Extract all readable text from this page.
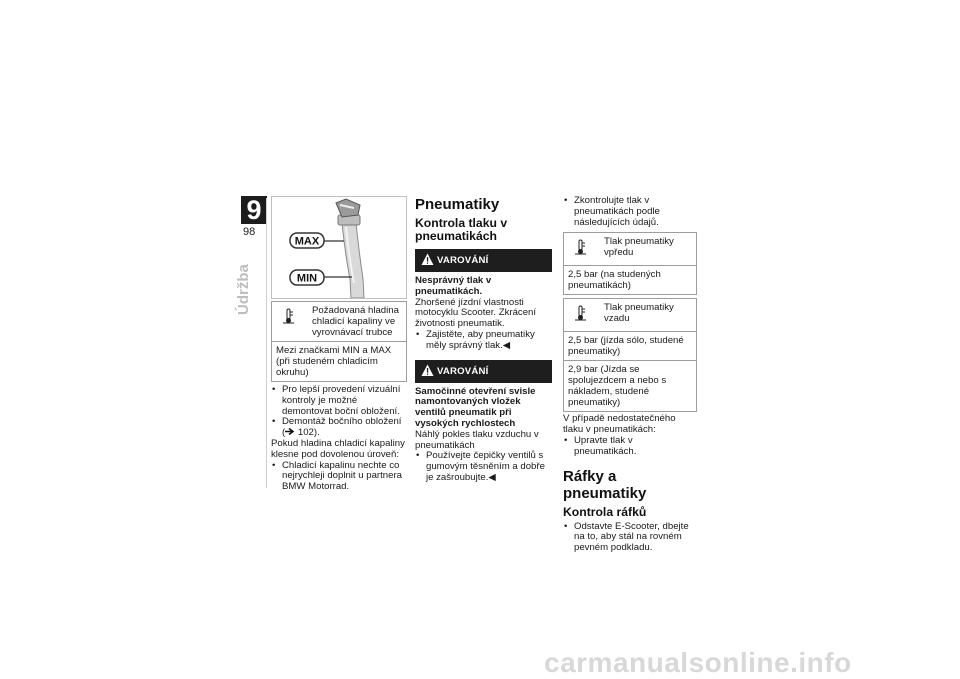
9
98
Údržba
MAX
MIN
Požadovaná hladina chladicí kapaliny ve vyrovnávací trubce
Mezi značkami MIN a MAX (při studeném chladicím okruhu)
• Pro lepší provedení vizuální kontroly je možné demontovat boční obložení.
• Demontáž bočního obložení
( 102).
Pokud hladina chladicí kapaliny klesne pod dovolenou úroveň:
• Chladicí kapalinu nechte co nejrychleji doplnit u partnera BMW Motorrad.
Pneumatiky
Kontrola tlaku v pneumatikách
VAROVÁNÍ
Nesprávný tlak v pneumatikách.
Zhoršené jízdní vlastnosti motocyklu Scooter. Zkrácení životnosti pneumatik.
• Zajistěte, aby pneumatiky měly správný tlak.◀
VAROVÁNÍ
Samočinné otevření svisle namontovaných vložek ventilů pneumatik při vysokých rychlostech
Náhlý pokles tlaku vzduchu v pneumatikách
• Používejte čepičky ventilů s gumovým těsněním a dobře je zašroubujte.◀
• Zkontrolujte tlak v pneumatikách podle následujících údajů.
Tlak pneumatiky vpředu
2,5 bar (na studených pneumatikách)
Tlak pneumatiky vzadu
2,5 bar (jízda sólo, studené pneumatiky)
2,9 bar (Jízda se spolujezdcem a nebo s nákladem, studené pneumatiky)
V případě nedostatečného tlaku v pneumatikách:
• Upravte tlak v pneumatikách.
Ráfky a pneumatiky
Kontrola ráfků
• Odstavte E-Scooter, dbejte na to, aby stál na rovném pevném podkladu.
carmanualsonline.info
